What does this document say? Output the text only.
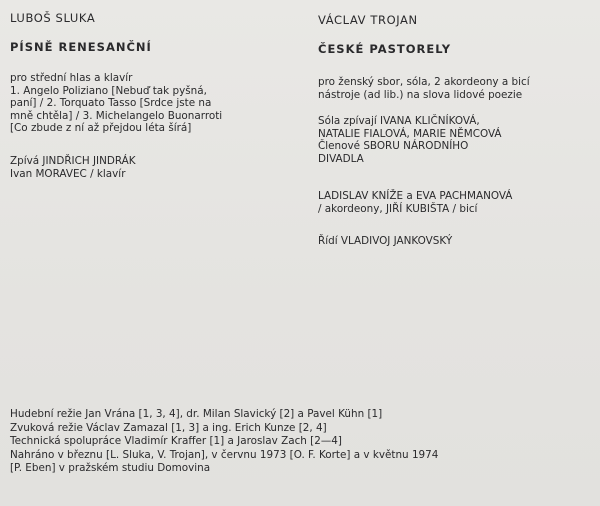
LUBOŠ SLUKA
PÍSNĚ RENESANČNÍ
pro střední hlas a klavír
1. Angelo Poliziano [Nebuď tak pyšná,
paní] / 2. Torquato Tasso [Srdce jste na
mně chtěla] / 3. Michelangelo Buonarroti
[Co zbude z ní až přejdou léta šírá]
Zpívá JINDŘICH JINDRÁK
Ivan MORAVEC / klavír
VÁCLAV TROJAN
ČESKÉ PASTORELY
pro ženský sbor, sóla, 2 akordeony a bicí
nástroje (ad lib.) na slova lidové poezie
Sóla zpívají IVANA KLIČNÍKOVÁ,
NATALIE FIALOVÁ, MARIE NĚMCOVÁ
Členové SBORU NÁRODNÍHO
DIVADLA
LADISLAV KNÍŽE a EVA PACHMANOVÁ
/ akordeony, JIŘÍ KUBIŠTA / bicí
Řídí VLADIVOJ JANKOVSKÝ
Hudební režie Jan Vrána [1, 3, 4], dr. Milan Slavický [2] a Pavel Kühn [1]
Zvuková režie Václav Zamazal [1, 3] a ing. Erich Kunze [2, 4]
Technická spolupráce Vladimír Kraffer [1] a Jaroslav Zach [2—4]
Nahráno v březnu [L. Sluka, V. Trojan], v červnu 1973 [O. F. Korte] a v květnu 1974
[P. Eben] v pražském studiu Domovina
